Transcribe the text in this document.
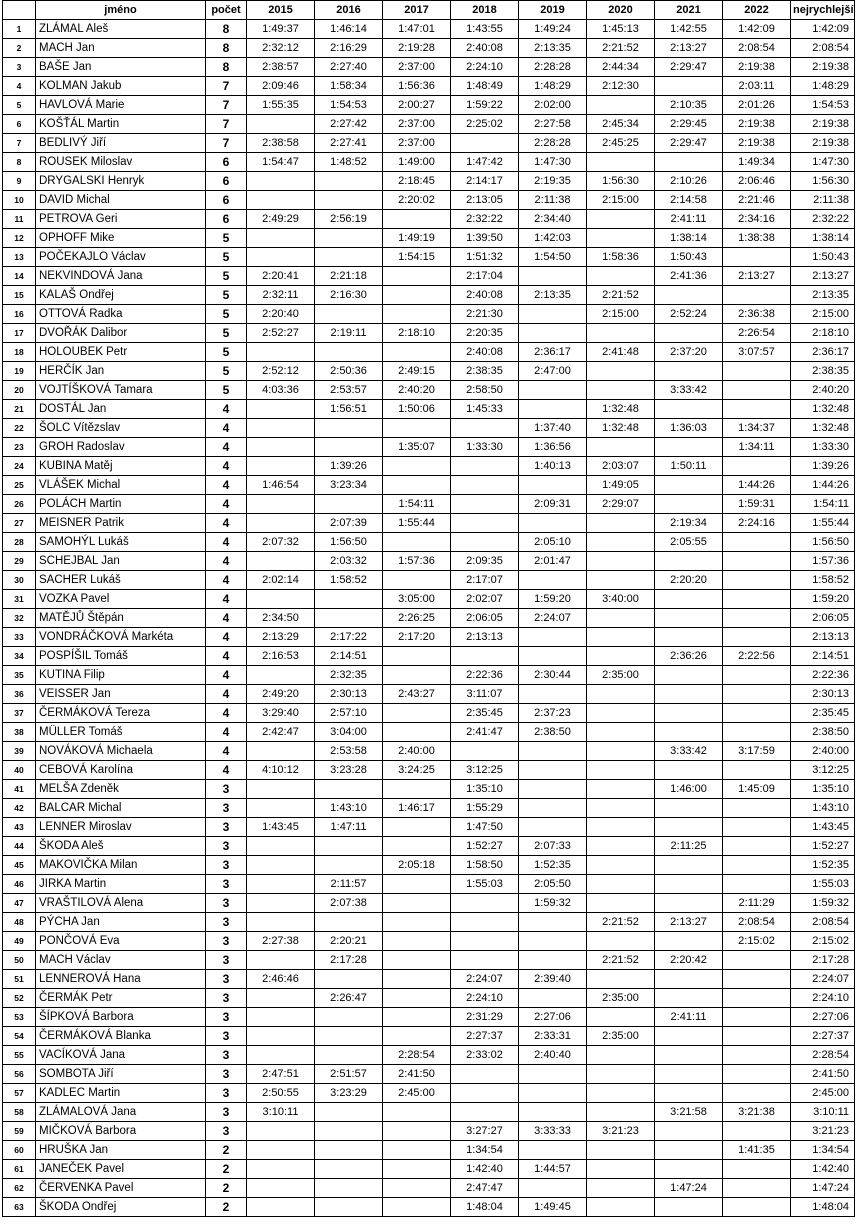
	jméno	počet	2015	2016	2017	2018	2019	2020	2021	2022	nejrychlejší
1	ZLÁMAL Aleš	8	1:49:37	1:46:14	1:47:01	1:43:55	1:49:24	1:45:13	1:42:55	1:42:09	1:42:09
2	MACH Jan	8	2:32:12	2:16:29	2:19:28	2:40:08	2:13:35	2:21:52	2:13:27	2:08:54	2:08:54
3	BAŠE Jan	8	2:38:57	2:27:40	2:37:00	2:24:10	2:28:28	2:44:34	2:29:47	2:19:38	2:19:38
4	KOLMAN Jakub	7	2:09:46	1:58:34	1:56:36	1:48:49	1:48:29	2:12:30		2:03:11	1:48:29
5	HAVLOVÁ Marie	7	1:55:35	1:54:53	2:00:27	1:59:22	2:02:00		2:10:35	2:01:26	1:54:53
6	KOŠŤÁL Martin	7		2:27:42	2:37:00	2:25:02	2:27:58	2:45:34	2:29:45	2:19:38	2:19:38
7	BEDLIVÝ Jiří	7	2:38:58	2:27:41	2:37:00		2:28:28	2:45:25	2:29:47	2:19:38	2:19:38
8	ROUSEK Miloslav	6	1:54:47	1:48:52	1:49:00	1:47:42	1:47:30			1:49:34	1:47:30
9	DRYGALSKI Henryk	6			2:18:45	2:14:17	2:19:35	1:56:30	2:10:26	2:06:46	1:56:30
10	DAVID Michal	6			2:20:02	2:13:05	2:11:38	2:15:00	2:14:58	2:21:46	2:11:38
11	PETROVA Geri	6	2:49:29	2:56:19		2:32:22	2:34:40		2:41:11	2:34:16	2:32:22
12	OPHOFF Mike	5			1:49:19	1:39:50	1:42:03		1:38:14	1:38:38	1:38:14
13	POČEKAJLO Václav	5			1:54:15	1:51:32	1:54:50	1:58:36	1:50:43		1:50:43
14	NEKVINDOVÁ Jana	5	2:20:41	2:21:18		2:17:04			2:41:36	2:13:27	2:13:27
15	KALAŠ Ondřej	5	2:32:11	2:16:30		2:40:08	2:13:35	2:21:52			2:13:35
16	OTTOVÁ Radka	5	2:20:40			2:21:30		2:15:00	2:52:24	2:36:38	2:15:00
17	DVOŘÁK Dalibor	5	2:52:27	2:19:11	2:18:10	2:20:35				2:26:54	2:18:10
18	HOLOUBEK Petr	5				2:40:08	2:36:17	2:41:48	2:37:20	3:07:57	2:36:17
19	HERČÍK Jan	5	2:52:12	2:50:36	2:49:15	2:38:35	2:47:00				2:38:35
20	VOJTÍŠKOVÁ Tamara	5	4:03:36	2:53:57	2:40:20	2:58:50			3:33:42		2:40:20
21	DOSTÁL Jan	4		1:56:51	1:50:06	1:45:33		1:32:48			1:32:48
22	ŠOLC Vítězslav	4					1:37:40	1:32:48	1:36:03	1:34:37	1:32:48
23	GROH Radoslav	4			1:35:07	1:33:30	1:36:56			1:34:11	1:33:30
24	KUBINA Matěj	4		1:39:26			1:40:13	2:03:07	1:50:11		1:39:26
25	VLÁŠEK Michal	4	1:46:54	3:23:34				1:49:05		1:44:26	1:44:26
26	POLÁCH Martin	4			1:54:11		2:09:31	2:29:07		1:59:31	1:54:11
27	MEISNER Patrik	4		2:07:39	1:55:44				2:19:34	2:24:16	1:55:44
28	SAMOHÝL Lukáš	4	2:07:32	1:56:50			2:05:10		2:05:55		1:56:50
29	SCHEJBAL Jan	4		2:03:32	1:57:36	2:09:35	2:01:47				1:57:36
30	SACHER Lukáš	4	2:02:14	1:58:52		2:17:07			2:20:20		1:58:52
31	VOZKA Pavel	4			3:05:00	2:02:07	1:59:20	3:40:00			1:59:20
32	MATĚJŮ Štěpán	4	2:34:50		2:26:25	2:06:05	2:24:07				2:06:05
33	VONDRÁČKOVÁ Markéta	4	2:13:29	2:17:22	2:17:20	2:13:13					2:13:13
34	POSPÍŠIL Tomáš	4	2:16:53	2:14:51					2:36:26	2:22:56	2:14:51
35	KUTINA Filip	4		2:32:35		2:22:36	2:30:44	2:35:00			2:22:36
36	VEISSER Jan	4	2:49:20	2:30:13	2:43:27	3:11:07					2:30:13
37	ČERMÁKOVÁ Tereza	4	3:29:40	2:57:10		2:35:45	2:37:23				2:35:45
38	MÜLLER Tomáš	4	2:42:47	3:04:00		2:41:47	2:38:50				2:38:50
39	NOVÁKOVÁ Michaela	4		2:53:58	2:40:00				3:33:42	3:17:59	2:40:00
40	CEBOVÁ Karolína	4	4:10:12	3:23:28	3:24:25	3:12:25					3:12:25
41	MELŠA Zdeněk	3				1:35:10			1:46:00	1:45:09	1:35:10
42	BALCAR Michal	3		1:43:10	1:46:17	1:55:29					1:43:10
43	LENNER Miroslav	3	1:43:45	1:47:11		1:47:50					1:43:45
44	ŠKODA Aleš	3				1:52:27	2:07:33		2:11:25		1:52:27
45	MAKOVIČKA Milan	3			2:05:18	1:58:50	1:52:35				1:52:35
46	JIRKA Martin	3		2:11:57		1:55:03	2:05:50				1:55:03
47	VRAŠTILOVÁ Alena	3		2:07:38			1:59:32			2:11:29	1:59:32
48	PÝCHA Jan	3						2:21:52	2:13:27	2:08:54	2:08:54
49	PONČOVÁ Eva	3	2:27:38	2:20:21						2:15:02	2:15:02
50	MACH Václav	3		2:17:28				2:21:52	2:20:42		2:17:28
51	LENNEROVÁ Hana	3	2:46:46			2:24:07	2:39:40				2:24:07
52	ČERMÁK Petr	3		2:26:47		2:24:10		2:35:00			2:24:10
53	ŠÍPKOVÁ Barbora	3				2:31:29	2:27:06		2:41:11		2:27:06
54	ČERMÁKOVÁ Blanka	3				2:27:37	2:33:31	2:35:00			2:27:37
55	VACÍKOVÁ Jana	3			2:28:54	2:33:02	2:40:40				2:28:54
56	SOMBOTA Jiří	3	2:47:51	2:51:57	2:41:50						2:41:50
57	KADLEC Martin	3	2:50:55	3:23:29	2:45:00						2:45:00
58	ZLÁMALOVÁ Jana	3	3:10:11						3:21:58	3:21:38	3:10:11
59	MIČKOVÁ Barbora	3				3:27:27	3:33:33	3:21:23			3:21:23
60	HRUŠKA Jan	2				1:34:54				1:41:35	1:34:54
61	JANEČEK Pavel	2				1:42:40	1:44:57				1:42:40
62	ČERVENKA Pavel	2				2:47:47			1:47:24		1:47:24
63	ŠKODA Ondřej	2				1:48:04	1:49:45				1:48:04
